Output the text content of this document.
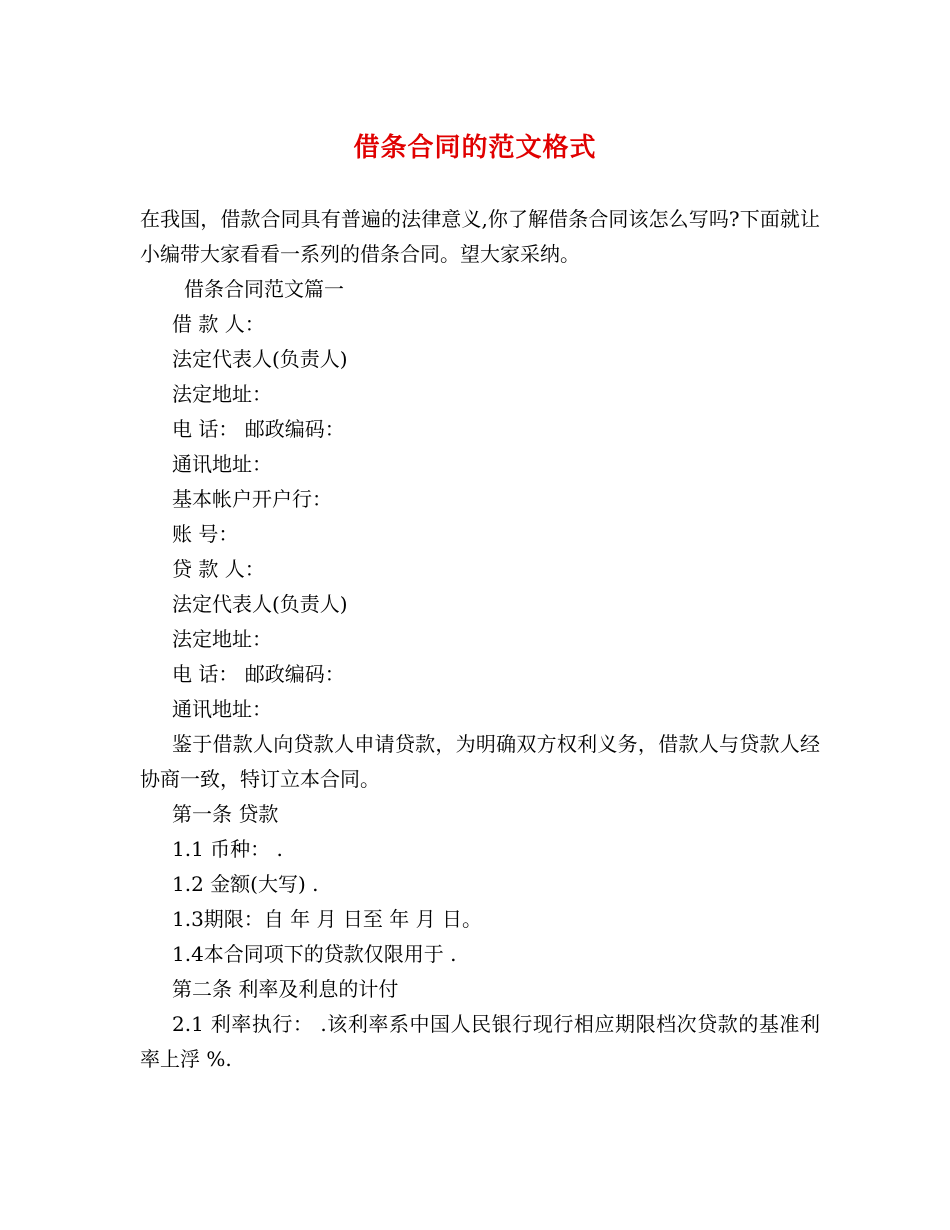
借条合同的范文格式

在我国，借款合同具有普遍的法律意义,你了解借条合同该怎么写吗?下面就让小编带大家看看一系列的借条合同。望大家采纳。

借条合同范文篇一

借 款 人：

法定代表人(负责人)

法定地址：

电 话： 邮政编码：

通讯地址：

基本帐户开户行：

账 号：

贷 款 人：

法定代表人(负责人)

法定地址：

电 话： 邮政编码：

通讯地址：

鉴于借款人向贷款人申请贷款，为明确双方权利义务，借款人与贷款人经协商一致，特订立本合同。

第一条 贷款

1.1 币种： .

1.2 金额(大写) .

1.3期限：自 年 月 日至 年 月 日。

1.4本合同项下的贷款仅限用于 .

第二条 利率及利息的计付

2.1 利率执行： .该利率系中国人民银行现行相应期限档次贷款的基准利率上浮 %.
